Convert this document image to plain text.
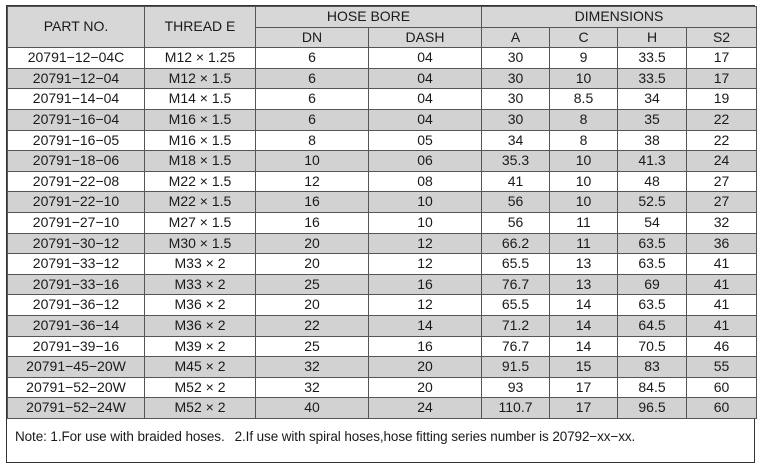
PART NO.	THREAD E	HOSE BORE		DIMENSIONS			
		DN	DASH	A	C	H	S2
20791−12−04C	M12 × 1.25	6	04	30	9	33.5	17
20791−12−04	M12 × 1.5	6	04	30	10	33.5	17
20791−14−04	M14 × 1.5	6	04	30	8.5	34	19
20791−16−04	M16 × 1.5	6	04	30	8	35	22
20791−16−05	M16 × 1.5	8	05	34	8	38	22
20791−18−06	M18 × 1.5	10	06	35.3	10	41.3	24
20791−22−08	M22 × 1.5	12	08	41	10	48	27
20791−22−10	M22 × 1.5	16	10	56	10	52.5	27
20791−27−10	M27 × 1.5	16	10	56	11	54	32
20791−30−12	M30 × 1.5	20	12	66.2	11	63.5	36
20791−33−12	M33 × 2	20	12	65.5	13	63.5	41
20791−33−16	M33 × 2	25	16	76.7	13	69	41
20791−36−12	M36 × 2	20	12	65.5	14	63.5	41
20791−36−14	M36 × 2	22	14	71.2	14	64.5	41
20791−39−16	M39 × 2	25	16	76.7	14	70.5	46
20791−45−20W	M45 × 2	32	20	91.5	15	83	55
20791−52−20W	M52 × 2	32	20	93	17	84.5	60
20791−52−24W	M52 × 2	40	24	110.7	17	96.5	60
Note: 1.For use with braided hoses. 2.If use with spiral hoses,hose fitting series number is 20792−xx−xx.
